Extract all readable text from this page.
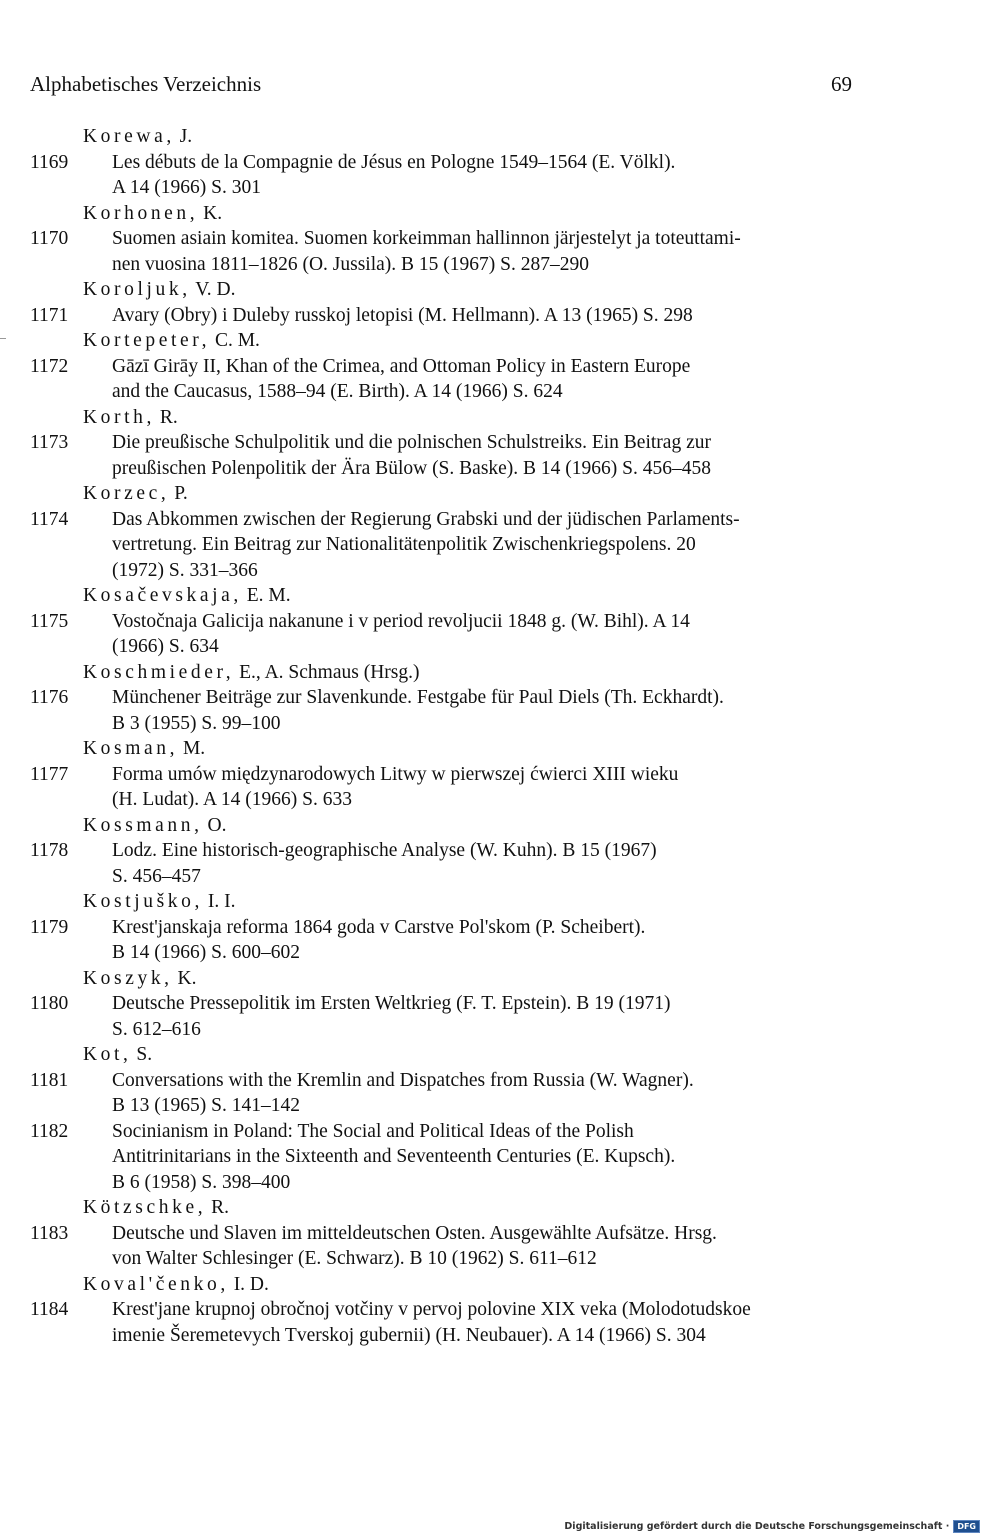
Alphabetisches Verzeichnis	69
Korewa, J.
1169 Les débuts de la Compagnie de Jésus en Pologne 1549–1564 (E. Völkl).
A 14 (1966) S. 301
Korhonen, K.
1170 Suomen asiain komitea. Suomen korkeimman hallinnon järjestelyt ja toteuttami-
nen vuosina 1811–1826 (O. Jussila). B 15 (1967) S. 287–290
Koroljuk, V. D.
1171 Avary (Obry) i Duleby russkoj letopisi (M. Hellmann). A 13 (1965) S. 298
Kortepeter, C. M.
1172 Gāzī Girāy II, Khan of the Crimea, and Ottoman Policy in Eastern Europe
and the Caucasus, 1588–94 (E. Birth). A 14 (1966) S. 624
Korth, R.
1173 Die preußische Schulpolitik und die polnischen Schulstreiks. Ein Beitrag zur
preußischen Polenpolitik der Ära Bülow (S. Baske). B 14 (1966) S. 456–458
Korzec, P.
1174 Das Abkommen zwischen der Regierung Grabski und der jüdischen Parlaments-
vertretung. Ein Beitrag zur Nationalitätenpolitik Zwischenkriegspolens. 20
(1972) S. 331–366
Kosačevskaja, E. M.
1175 Vostočnaja Galicija nakanune i v period revoljucii 1848 g. (W. Bihl). A 14
(1966) S. 634
Koschmieder, E., A. Schmaus (Hrsg.)
1176 Münchener Beiträge zur Slavenkunde. Festgabe für Paul Diels (Th. Eckhardt).
B 3 (1955) S. 99–100
Kosman, M.
1177 Forma umów międzynarodowych Litwy w pierwszej ćwierci XIII wieku
(H. Ludat). A 14 (1966) S. 633
Kossmann, O.
1178 Lodz. Eine historisch-geographische Analyse (W. Kuhn). B 15 (1967)
S. 456–457
Kostjuško, I. I.
1179 Krest'janskaja reforma 1864 goda v Carstve Pol'skom (P. Scheibert).
B 14 (1966) S. 600–602
Koszyk, K.
1180 Deutsche Pressepolitik im Ersten Weltkrieg (F. T. Epstein). B 19 (1971)
S. 612–616
Kot, S.
1181 Conversations with the Kremlin and Dispatches from Russia (W. Wagner).
B 13 (1965) S. 141–142
1182 Socinianism in Poland: The Social and Political Ideas of the Polish
Antitrinitarians in the Sixteenth and Seventeenth Centuries (E. Kupsch).
B 6 (1958) S. 398–400
Kötzschke, R.
1183 Deutsche und Slaven im mitteldeutschen Osten. Ausgewählte Aufsätze. Hrsg.
von Walter Schlesinger (E. Schwarz). B 10 (1962) S. 611–612
Koval'čenko, I. D.
1184 Krest'jane krupnoj obročnoj votčiny v pervoj polovine XIX veka (Molodotudskoe
imenie Šeremetevych Tverskoj gubernii) (H. Neubauer). A 14 (1966) S. 304
Digitalisierung gefördert durch die Deutsche Forschungsgemeinschaft ·	DFG
